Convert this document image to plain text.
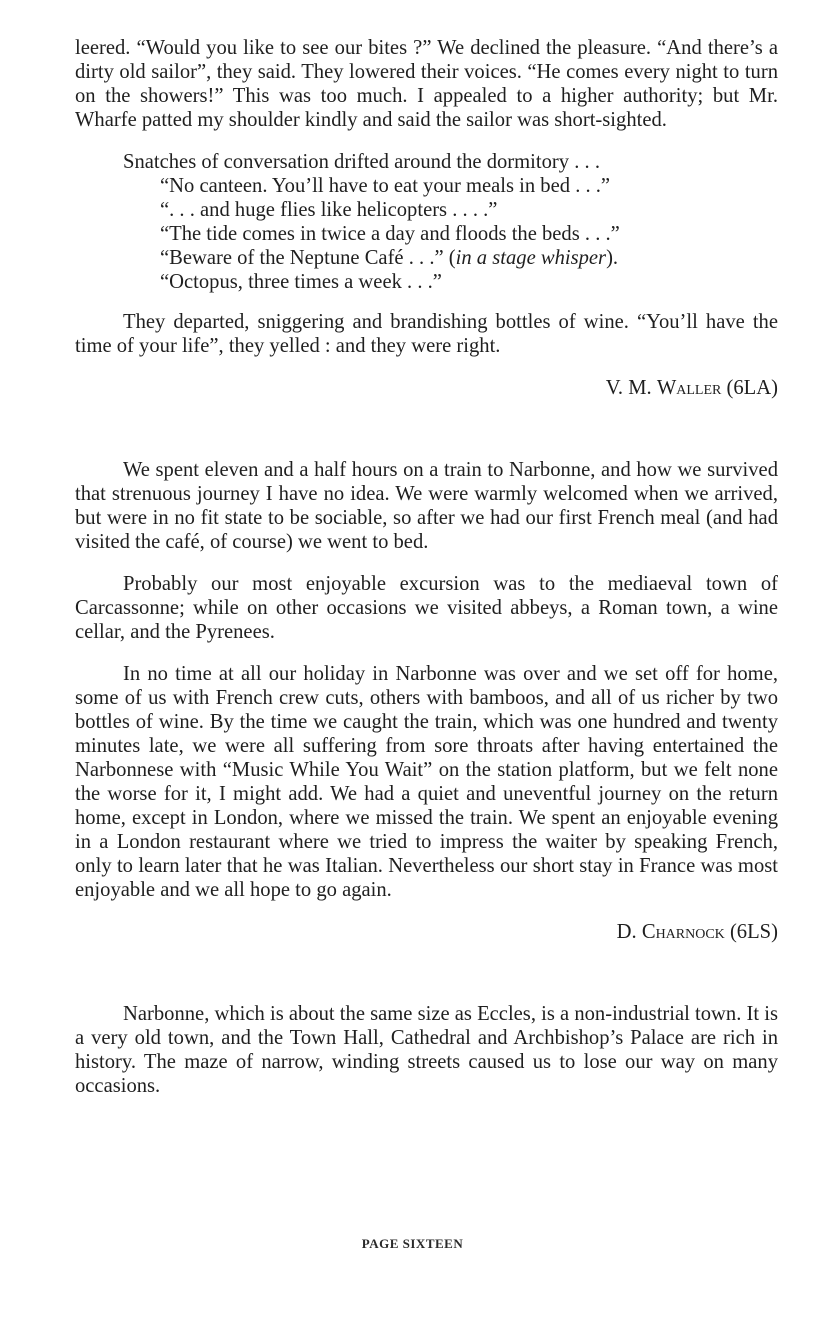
leered. “Would you like to see our bites ?” We declined the pleasure. “And there’s a dirty old sailor”, they said. They lowered their voices. “He comes every night to turn on the showers!” This was too much. I appealed to a higher authority; but Mr. Wharfe patted my shoulder kindly and said the sailor was short-sighted.

Snatches of conversation drifted around the dormitory . . .
“No canteen. You’ll have to eat your meals in bed . . .”
“. . . and huge flies like helicopters . . . .”
“The tide comes in twice a day and floods the beds . . .”
“Beware of the Neptune Café . . .” (in a stage whisper).
“Octopus, three times a week . . .”

They departed, sniggering and brandishing bottles of wine. “You’ll have the time of your life”, they yelled : and they were right.

V. M. Waller (6LA)

We spent eleven and a half hours on a train to Narbonne, and how we survived that strenuous journey I have no idea. We were warmly welcomed when we arrived, but were in no fit state to be sociable, so after we had our first French meal (and had visited the café, of course) we went to bed.

Probably our most enjoyable excursion was to the mediaeval town of Carcassonne; while on other occasions we visited abbeys, a Roman town, a wine cellar, and the Pyrenees.

In no time at all our holiday in Narbonne was over and we set off for home, some of us with French crew cuts, others with bamboos, and all of us richer by two bottles of wine. By the time we caught the train, which was one hundred and twenty minutes late, we were all suffering from sore throats after having entertained the Narbonnese with “Music While You Wait” on the station platform, but we felt none the worse for it, I might add. We had a quiet and uneventful journey on the return home, except in London, where we missed the train. We spent an enjoyable evening in a London restaurant where we tried to impress the waiter by speaking French, only to learn later that he was Italian. Nevertheless our short stay in France was most enjoyable and we all hope to go again.

D. Charnock (6LS)

Narbonne, which is about the same size as Eccles, is a non-industrial town. It is a very old town, and the Town Hall, Cathedral and Archbishop’s Palace are rich in history. The maze of narrow, winding streets caused us to lose our way on many occasions.

PAGE SIXTEEN
